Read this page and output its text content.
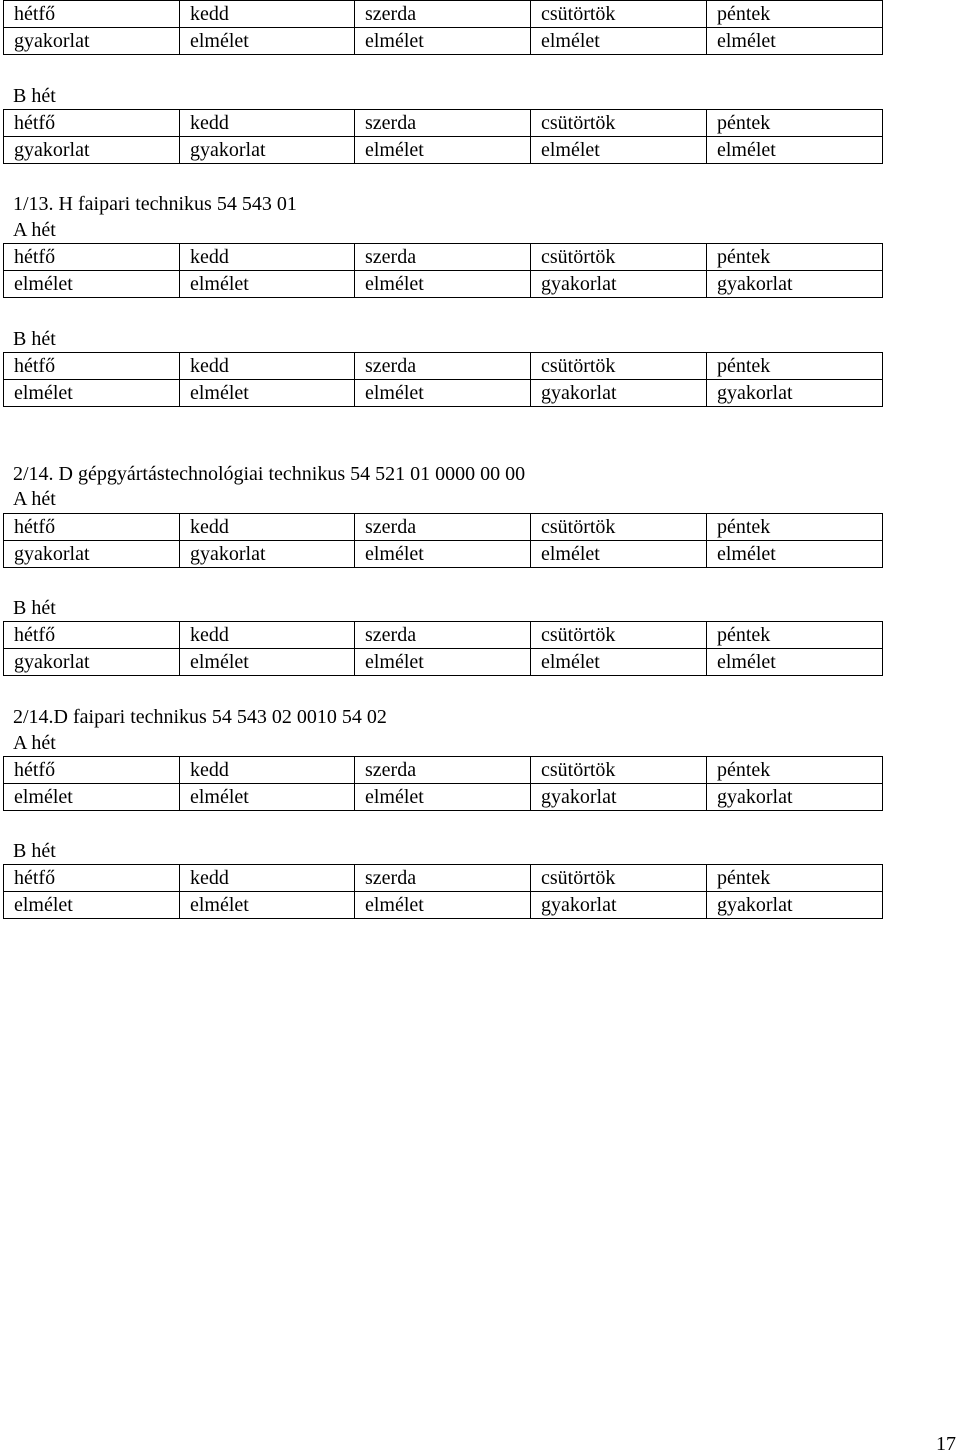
hétfő	kedd	szerda	csütörtök	péntek
gyakorlat	elmélet	elmélet	elmélet	elmélet
B hét
hétfő	kedd	szerda	csütörtök	péntek
gyakorlat	gyakorlat	elmélet	elmélet	elmélet
1/13. H faipari technikus 54 543 01
A hét
hétfő	kedd	szerda	csütörtök	péntek
elmélet	elmélet	elmélet	gyakorlat	gyakorlat
B hét
hétfő	kedd	szerda	csütörtök	péntek
elmélet	elmélet	elmélet	gyakorlat	gyakorlat
2/14. D gépgyártástechnológiai technikus 54 521 01 0000 00 00
A hét
hétfő	kedd	szerda	csütörtök	péntek
gyakorlat	gyakorlat	elmélet	elmélet	elmélet
B hét
hétfő	kedd	szerda	csütörtök	péntek
gyakorlat	elmélet	elmélet	elmélet	elmélet
2/14.D faipari technikus 54 543 02 0010 54 02
A hét
hétfő	kedd	szerda	csütörtök	péntek
elmélet	elmélet	elmélet	gyakorlat	gyakorlat
B hét
hétfő	kedd	szerda	csütörtök	péntek
elmélet	elmélet	elmélet	gyakorlat	gyakorlat
17
